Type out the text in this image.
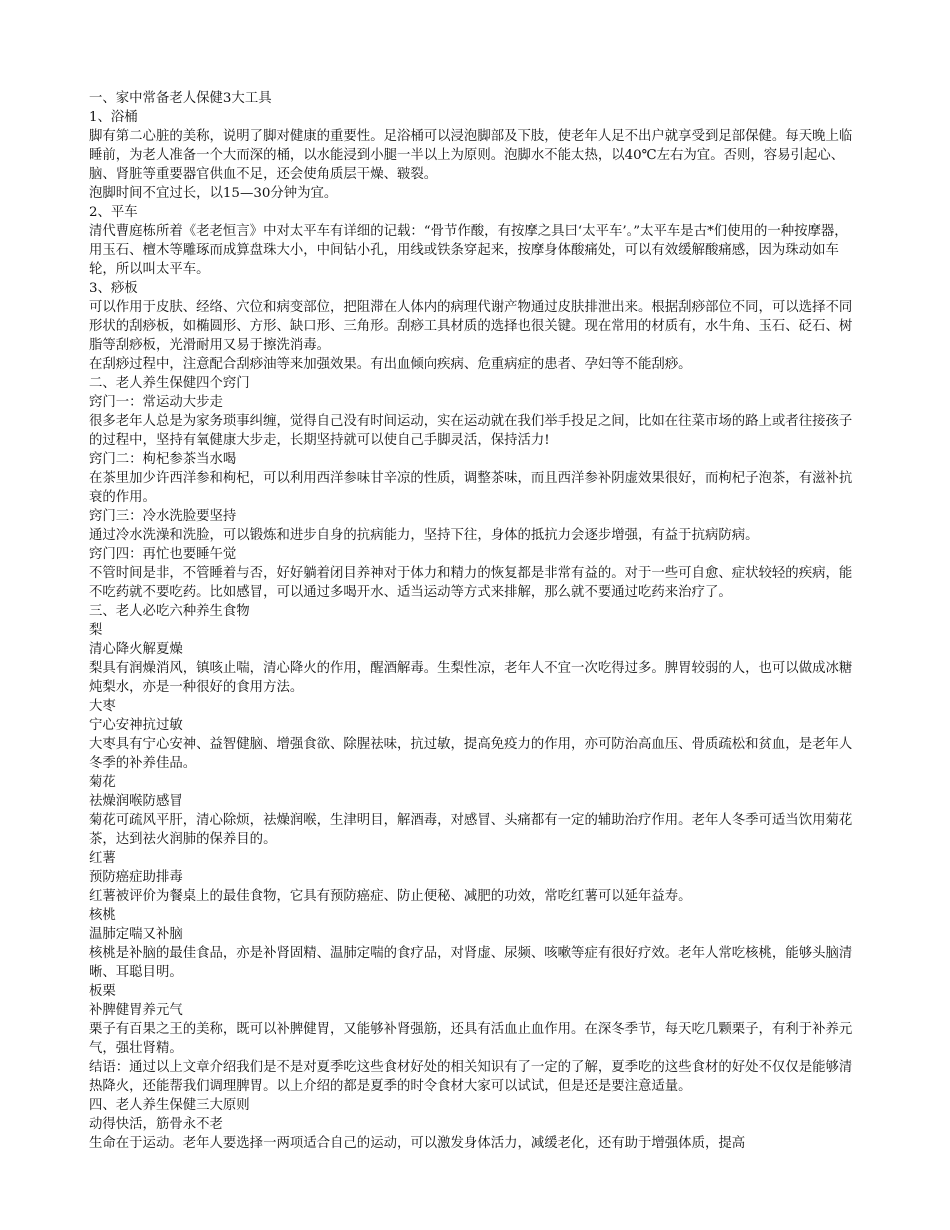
一、家中常备老人保健3大工具

1、浴桶

脚有第二心脏的美称，说明了脚对健康的重要性。足浴桶可以浸泡脚部及下肢，使老年人足不出户就享受到足部保健。每天晚上临睡前，为老人准备一个大而深的桶，以水能浸到小腿一半以上为原则。泡脚水不能太热，以40℃左右为宜。否则，容易引起心、脑、肾脏等重要器官供血不足，还会使角质层干燥、皲裂。

泡脚时间不宜过长，以15—30分钟为宜。

2、平车

清代曹庭栋所着《老老恒言》中对太平车有详细的记载：“骨节作酸，有按摩之具曰‘太平车’。”太平车是古*们使用的一种按摩器，用玉石、檀木等雕琢而成算盘珠大小，中间钻小孔，用线或铁条穿起来，按摩身体酸痛处，可以有效缓解酸痛感，因为珠动如车轮，所以叫太平车。

3、痧板

可以作用于皮肤、经络、穴位和病变部位，把阻滞在人体内的病理代谢产物通过皮肤排泄出来。根据刮痧部位不同，可以选择不同形状的刮痧板，如椭圆形、方形、缺口形、三角形。刮痧工具材质的选择也很关键。现在常用的材质有，水牛角、玉石、砭石、树脂等刮痧板，光滑耐用又易于擦洗消毒。

在刮痧过程中，注意配合刮痧油等来加强效果。有出血倾向疾病、危重病症的患者、孕妇等不能刮痧。

二、老人养生保健四个窍门

窍门一：常运动大步走

很多老年人总是为家务琐事纠缠，觉得自己没有时间运动，实在运动就在我们举手投足之间，比如在往菜市场的路上或者往接孩子的过程中，坚持有氧健康大步走，长期坚持就可以使自己手脚灵活，保持活力!

窍门二：枸杞参茶当水喝

在茶里加少许西洋参和枸杞，可以利用西洋参味甘辛凉的性质，调整茶味，而且西洋参补阴虚效果很好，而枸杞子泡茶，有滋补抗衰的作用。

窍门三：冷水洗脸要坚持

通过冷水洗澡和洗脸，可以锻炼和进步自身的抗病能力，坚持下往，身体的抵抗力会逐步增强，有益于抗病防病。

窍门四：再忙也要睡午觉

不管时间是非，不管睡着与否，好好躺着闭目养神对于体力和精力的恢复都是非常有益的。对于一些可自愈、症状较轻的疾病，能不吃药就不要吃药。比如感冒，可以通过多喝开水、适当运动等方式来排解，那么就不要通过吃药来治疗了。

三、老人必吃六种养生食物

梨

清心降火解夏燥

梨具有润燥消风，镇咳止喘，清心降火的作用，醒酒解毒。生梨性凉，老年人不宜一次吃得过多。脾胃较弱的人，也可以做成冰糖炖梨水，亦是一种很好的食用方法。

大枣

宁心安神抗过敏

大枣具有宁心安神、益智健脑、增强食欲、除腥祛味，抗过敏，提高免疫力的作用，亦可防治高血压、骨质疏松和贫血，是老年人冬季的补养佳品。

菊花

祛燥润喉防感冒

菊花可疏风平肝，清心除烦，祛燥润喉，生津明目，解酒毒，对感冒、头痛都有一定的辅助治疗作用。老年人冬季可适当饮用菊花茶，达到祛火润肺的保养目的。

红薯

预防癌症助排毒

红薯被评价为餐桌上的最佳食物，它具有预防癌症、防止便秘、减肥的功效，常吃红薯可以延年益寿。

核桃

温肺定喘又补脑

核桃是补脑的最佳食品，亦是补肾固精、温肺定喘的食疗品，对肾虚、尿频、咳嗽等症有很好疗效。老年人常吃核桃，能够头脑清晰、耳聪目明。

板栗

补脾健胃养元气

栗子有百果之王的美称，既可以补脾健胃，又能够补肾强筋，还具有活血止血作用。在深冬季节，每天吃几颗栗子，有利于补养元气，强壮肾精。

结语：通过以上文章介绍我们是不是对夏季吃这些食材好处的相关知识有了一定的了解，夏季吃的这些食材的好处不仅仅是能够清热降火，还能帮我们调理脾胃。以上介绍的都是夏季的时令食材大家可以试试，但是还是要注意适量。

四、老人养生保健三大原则

动得快活，筋骨永不老

生命在于运动。老年人要选择一两项适合自己的运动，可以激发身体活力，减缓老化，还有助于增强体质，提高
